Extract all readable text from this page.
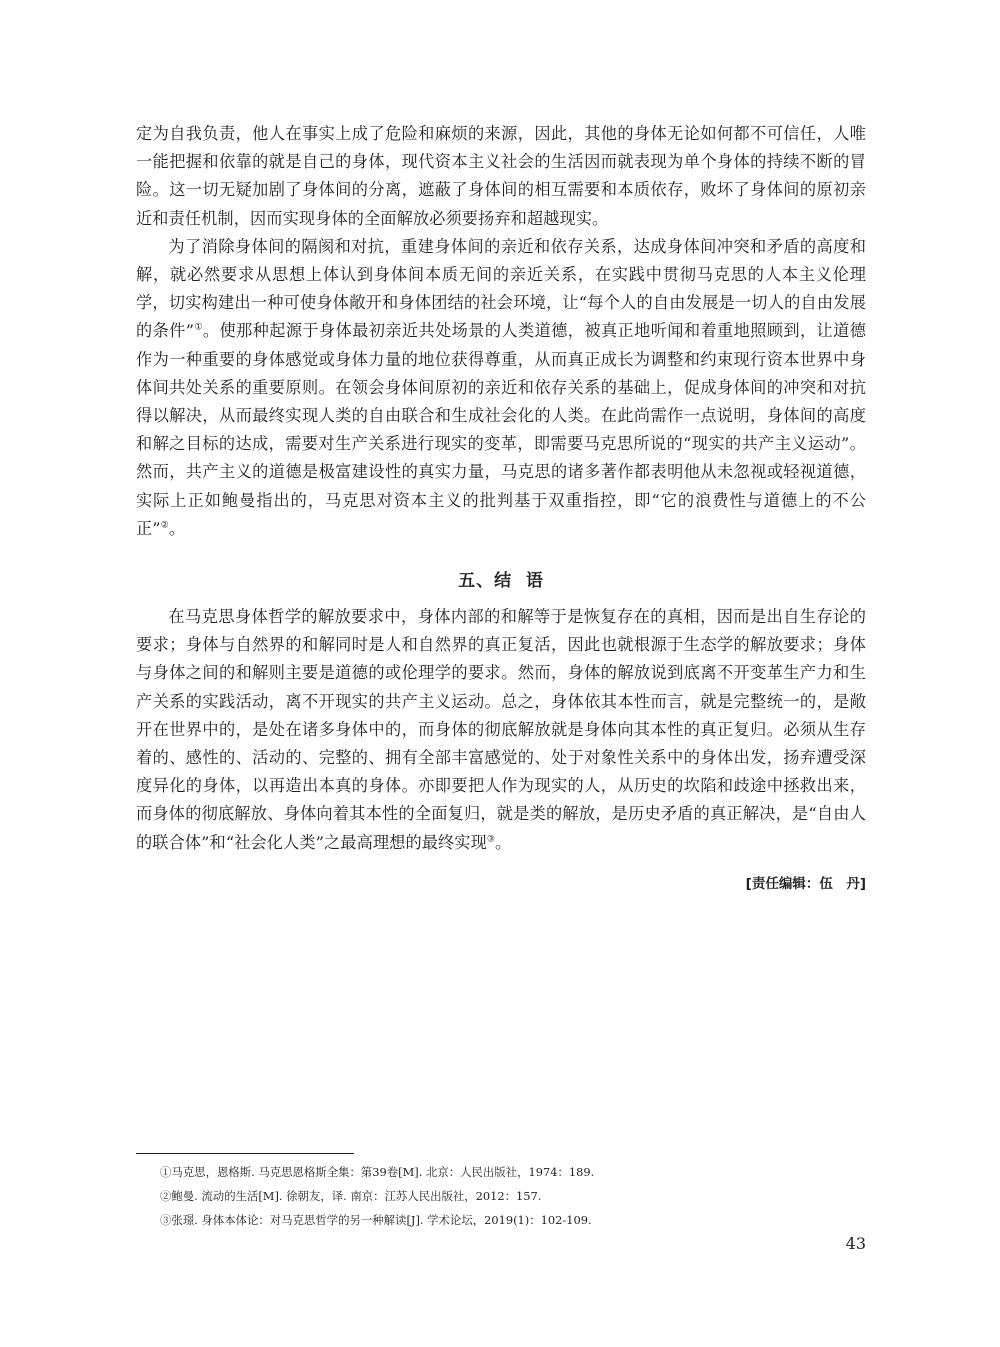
定为自我负责，他人在事实上成了危险和麻烦的来源，因此，其他的身体无论如何都不可信任，人唯一能把握和依靠的就是自己的身体，现代资本主义社会的生活因而就表现为单个身体的持续不断的冒险。这一切无疑加剧了身体间的分离，遮蔽了身体间的相互需要和本质依存，败坏了身体间的原初亲近和责任机制，因而实现身体的全面解放必须要扬弃和超越现实。

为了消除身体间的隔阂和对抗，重建身体间的亲近和依存关系，达成身体间冲突和矛盾的高度和解，就必然要求从思想上体认到身体间本质无间的亲近关系，在实践中贯彻马克思的人本主义伦理学，切实构建出一种可使身体敞开和身体团结的社会环境，让“每个人的自由发展是一切人的自由发展的条件”①。使那种起源于身体最初亲近共处场景的人类道德，被真正地听闻和着重地照顾到，让道德作为一种重要的身体感觉或身体力量的地位获得尊重，从而真正成长为调整和约束现行资本世界中身体间共处关系的重要原则。在领会身体间原初的亲近和依存关系的基础上，促成身体间的冲突和对抗得以解决，从而最终实现人类的自由联合和生成社会化的人类。在此尚需作一点说明，身体间的高度和解之目标的达成，需要对生产关系进行现实的变革，即需要马克思所说的“现实的共产主义运动”。然而，共产主义的道德是极富建设性的真实力量，马克思的诸多著作都表明他从未忽视或轻视道德，实际上正如鲍曼指出的，马克思对资本主义的批判基于双重指控，即“它的浪费性与道德上的不公正”②。

五、结  语

在马克思身体哲学的解放要求中，身体内部的和解等于是恢复存在的真相，因而是出自生存论的要求；身体与自然界的和解同时是人和自然界的真正复活，因此也就根源于生态学的解放要求；身体与身体之间的和解则主要是道德的或伦理学的要求。然而，身体的解放说到底离不开变革生产力和生产关系的实践活动，离不开现实的共产主义运动。总之，身体依其本性而言，就是完整统一的，是敞开在世界中的，是处在诸多身体中的，而身体的彻底解放就是身体向其本性的真正复归。必须从生存着的、感性的、活动的、完整的、拥有全部丰富感觉的、处于对象性关系中的身体出发，扬弃遭受深度异化的身体，以再造出本真的身体。亦即要把人作为现实的人，从历史的坎陷和歧途中拯救出来，而身体的彻底解放、身体向着其本性的全面复归，就是类的解放，是历史矛盾的真正解决，是“自由人的联合体”和“社会化人类”之最高理想的最终实现③。

[责任编辑：伍　丹]

①马克思，恩格斯. 马克思恩格斯全集：第39卷[M]. 北京：人民出版社，1974：189.

②鲍曼. 流动的生活[M]. 徐朝友，译. 南京：江苏人民出版社，2012：157.

③张璟. 身体本体论：对马克思哲学的另一种解读[J]. 学术论坛，2019(1)：102-109.

43
